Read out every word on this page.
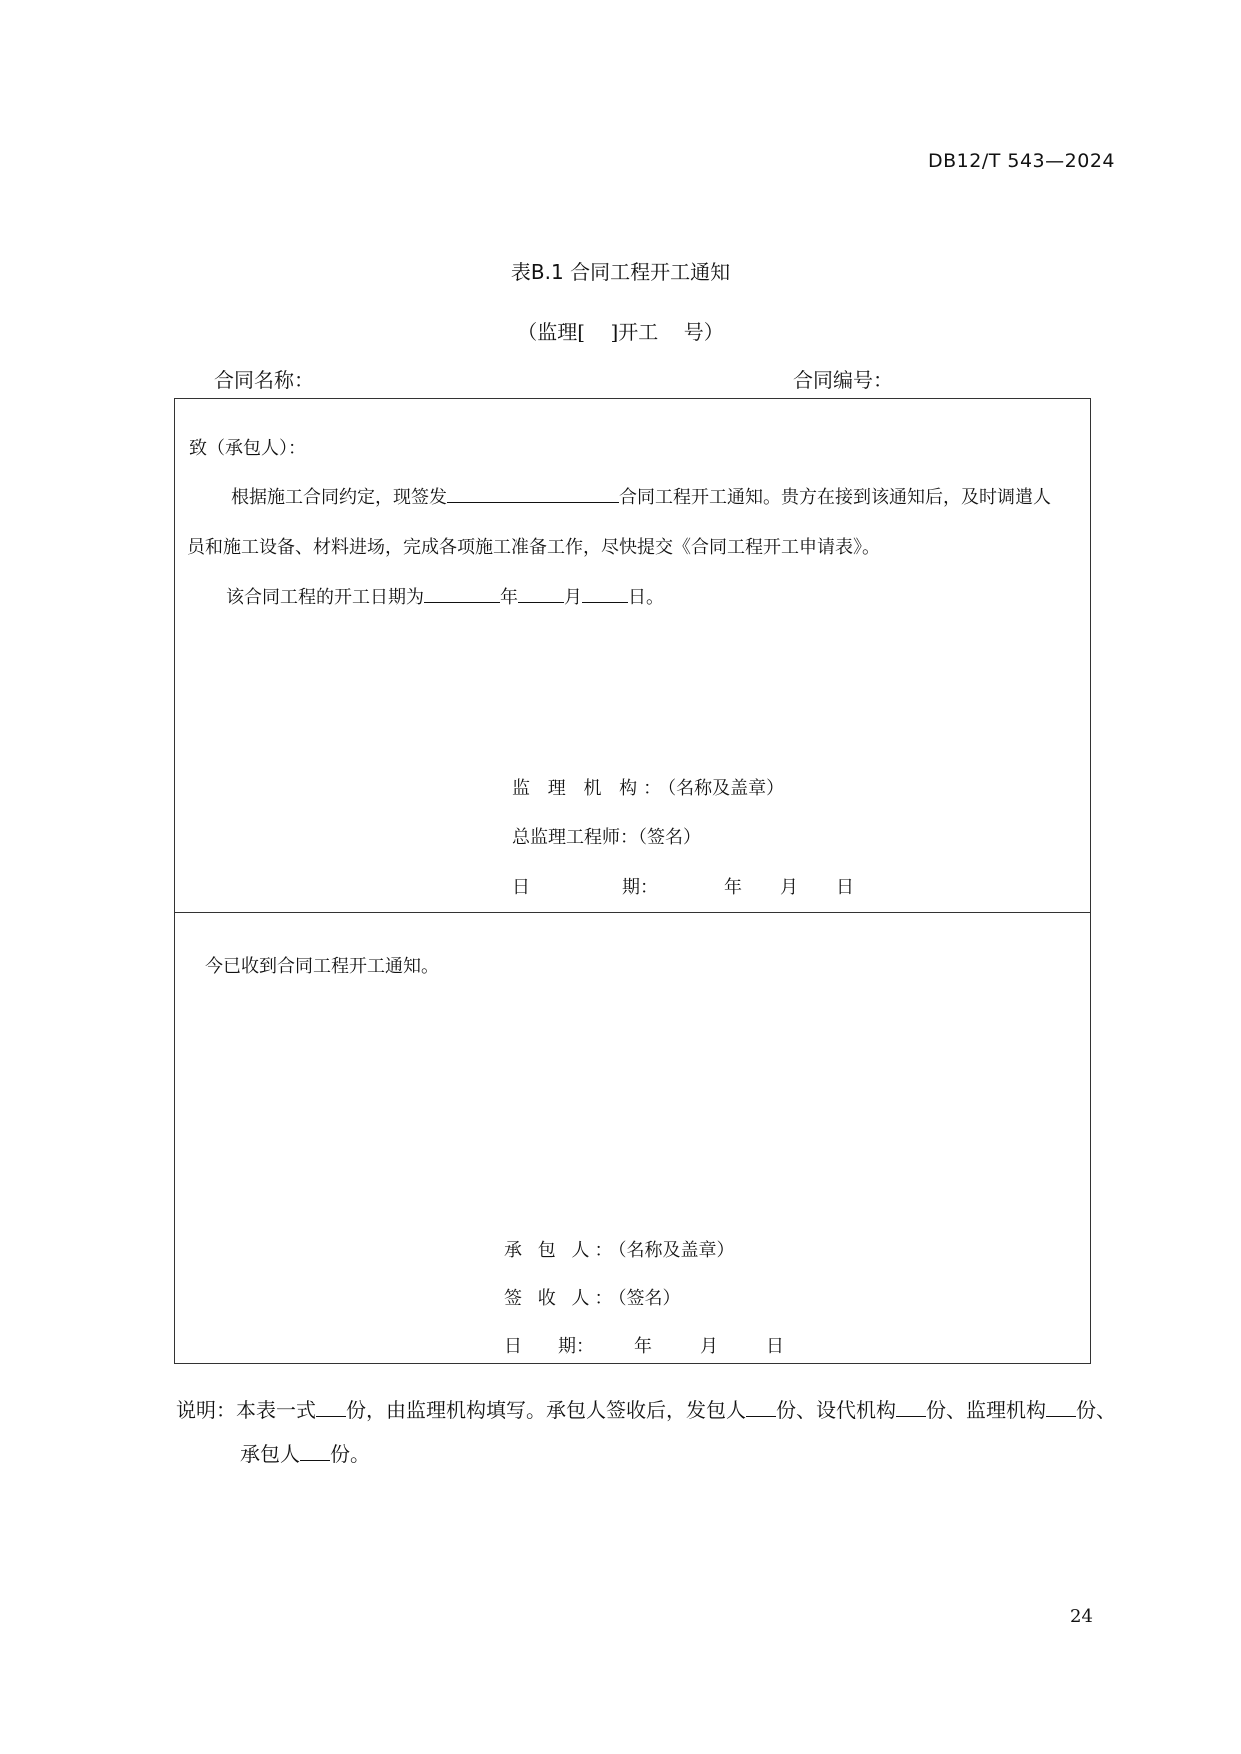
DB12/T 543—2024
表B.1 合同工程开工通知
（监理[    ]开工    号）
合同名称：	合同编号：
致（承包人）：
根据施工合同约定，现签发	合同工程开工通知。贵方在接到该通知后，及时调遣人
员和施工设备、材料进场，完成各项施工准备工作，尽快提交《合同工程开工申请表》。
该合同工程的开工日期为	年	月	日。
监 理 机 构：（名称及盖章）
总监理工程师：（签名）
日	期：	年 月 日
今已收到合同工程开工通知。
承 包 人：（名称及盖章）
签 收 人：（签名）
日 期： 年	月	日
说明：本表一式 份，由监理机构填写。承包人签收后，发包人 份、设代机构 份、监理机构 份、
承包人 份。
24
